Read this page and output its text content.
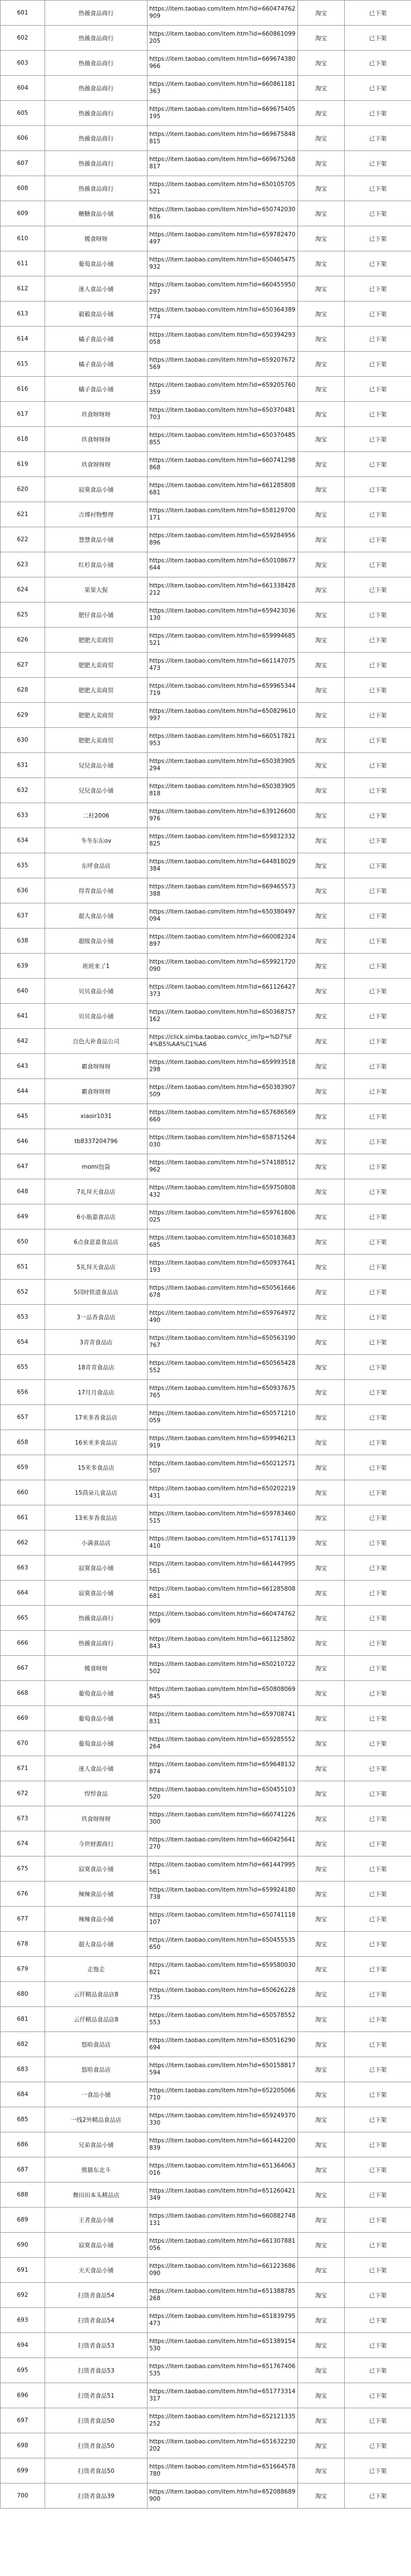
601	热薇食品商行	https://item.taobao.com/item.htm?id=660474762909	淘宝	已下架
602	热薇食品商行	https://item.taobao.com/item.htm?id=660861099205	淘宝	已下架
603	热薇食品商行	https://item.taobao.com/item.htm?id=669674380966	淘宝	已下架
604	热薇食品商行	https://item.taobao.com/item.htm?id=660861181363	淘宝	已下架
605	热薇食品商行	https://item.taobao.com/item.htm?id=669675405195	淘宝	已下架
606	热薇食品商行	https://item.taobao.com/item.htm?id=669675848815	淘宝	已下架
607	热薇食品商行	https://item.taobao.com/item.htm?id=669675268817	淘宝	已下架
608	热薇食品商行	https://item.taobao.com/item.htm?id=650105705521	淘宝	已下架
609	糖糖食品小铺	https://item.taobao.com/item.htm?id=650742030816	淘宝	已下架
610	媛食呀呀	https://item.taobao.com/item.htm?id=659782470497	淘宝	已下架
611	葡萄食品小铺	https://item.taobao.com/item.htm?id=650465475932	淘宝	已下架
612	迷人食品小铺	https://item.taobao.com/item.htm?id=660455950297	淘宝	已下架
613	毅毅食品小铺	https://item.taobao.com/item.htm?id=650364389774	淘宝	已下架
614	橘子食品小铺	https://item.taobao.com/item.htm?id=650394293058	淘宝	已下架
615	橘子食品小铺	https://item.taobao.com/item.htm?id=659207672569	淘宝	已下架
616	橘子食品小铺	https://item.taobao.com/item.htm?id=659205760359	淘宝	已下架
617	玖食呀呀呀	https://item.taobao.com/item.htm?id=650370481703	淘宝	已下架
618	玖食呀呀呀	https://item.taobao.com/item.htm?id=650370485855	淘宝	已下架
619	玖食呀呀呀	https://item.taobao.com/item.htm?id=660741298868	淘宝	已下架
620	寂寞食品小铺	https://item.taobao.com/item.htm?id=661285808681	淘宝	已下架
621	吉博衬物整理	https://item.taobao.com/item.htm?id=658129700171	淘宝	已下架
622	慧慧食品小铺	https://item.taobao.com/item.htm?id=659284956896	淘宝	已下架
623	红杉食品小铺	https://item.taobao.com/item.htm?id=650108677644	淘宝	已下架
624	果果大猩	https://item.taobao.com/item.htm?id=661338428212	淘宝	已下架
625	肥仔食品小铺	https://item.taobao.com/item.htm?id=659423036130	淘宝	已下架
626	肥肥大卖商贸	https://item.taobao.com/item.htm?id=659994685521	淘宝	已下架
627	肥肥大卖商贸	https://item.taobao.com/item.htm?id=661147075473	淘宝	已下架
628	肥肥大卖商贸	https://item.taobao.com/item.htm?id=659965344719	淘宝	已下架
629	肥肥大卖商贸	https://item.taobao.com/item.htm?id=650829610997	淘宝	已下架
630	肥肥大卖商贸	https://item.taobao.com/item.htm?id=660517821953	淘宝	已下架
631	兒兒食品小铺	https://item.taobao.com/item.htm?id=650383905294	淘宝	已下架
632	兒兒食品小铺	https://item.taobao.com/item.htm?id=650383905818	淘宝	已下架
633	二柱2006	https://item.taobao.com/item.htm?id=639126600976	淘宝	已下架
634	冬冬东东ov	https://item.taobao.com/item.htm?id=659832332825	淘宝	已下架
635	东呼食品店	https://item.taobao.com/item.htm?id=644818029384	淘宝	已下架
636	得青食品小铺	https://item.taobao.com/item.htm?id=669465573388	淘宝	已下架
637	超大食品小铺	https://item.taobao.com/item.htm?id=650380497094	淘宝	已下架
638	超级食品小铺	https://item.taobao.com/item.htm?id=660082324897	淘宝	已下架
639	班班来了1	https://item.taobao.com/item.htm?id=659921720090	淘宝	已下架
640	贝贝食品小铺	https://item.taobao.com/item.htm?id=661126427373	淘宝	已下架
641	贝贝食品小铺	https://item.taobao.com/item.htm?id=650368757162	淘宝	已下架
642	百色大补食品公司	https://click.simba.taobao.com/cc_im?p=%D7%F4%B5%AA%C1%A6	淘宝	已下架
643	霸食呀呀呀	https://item.taobao.com/item.htm?id=659993518298	淘宝	已下架
644	霸食呀呀呀	https://item.taobao.com/item.htm?id=650383907509	淘宝	已下架
645	xiaoir1031	https://item.taobao.com/item.htm?id=657686569660	淘宝	已下架
646	tb8337204796	https://item.taobao.com/item.htm?id=658715264030	淘宝	已下架
647	momi包袋	https://item.taobao.com/item.htm?id=574188512962	淘宝	已下架
648	7礼拜天食品店	https://item.taobao.com/item.htm?id=659750808432	淘宝	已下架
649	6小瓶嘉食品店	https://item.taobao.com/item.htm?id=659761806025	淘宝	已下架
650	6点食意嘉食品店	https://item.taobao.com/item.htm?id=650183683685	淘宝	已下架
651	5礼拜天食品店	https://item.taobao.com/item.htm?id=650937641193	淘宝	已下架
652	5同时铁道食品店	https://item.taobao.com/item.htm?id=650561666678	淘宝	已下架
653	3一品香食品店	https://item.taobao.com/item.htm?id=659764972490	淘宝	已下架
654	3青青食品店	https://item.taobao.com/item.htm?id=650563190767	淘宝	已下架
655	18青青食品店	https://item.taobao.com/item.htm?id=650565428552	淘宝	已下架
656	17月月食品店	https://item.taobao.com/item.htm?id=650937675765	淘宝	已下架
657	17米多香食品店	https://item.taobao.com/item.htm?id=650571210059	淘宝	已下架
658	16米米多食品店	https://item.taobao.com/item.htm?id=659946213919	淘宝	已下架
659	15米多食品店	https://item.taobao.com/item.htm?id=650212571507	淘宝	已下架
660	15茴朵儿食品店	https://item.taobao.com/item.htm?id=650202219431	淘宝	已下架
661	13米多香食品店	https://item.taobao.com/item.htm?id=659783460515	淘宝	已下架
662	小满食品店	https://item.taobao.com/item.htm?id=651741139410	淘宝	已下架
663	寂寞食品小铺	https://item.taobao.com/item.htm?id=661447995561	淘宝	已下架
664	寂寞食品小铺	https://item.taobao.com/item.htm?id=661285808681	淘宝	已下架
665	热薇食品商行	https://item.taobao.com/item.htm?id=660474762909	淘宝	已下架
666	热薇食品商行	https://item.taobao.com/item.htm?id=661125802843	淘宝	已下架
667	媛食呀呀	https://item.taobao.com/item.htm?id=650210722502	淘宝	已下架
668	葡萄食品小铺	https://item.taobao.com/item.htm?id=650808069845	淘宝	已下架
669	葡萄食品小铺	https://item.taobao.com/item.htm?id=659708741831	淘宝	已下架
670	葡萄食品小铺	https://item.taobao.com/item.htm?id=659285552264	淘宝	已下架
671	迷人食品小铺	https://item.taobao.com/item.htm?id=659648132874	淘宝	已下架
672	悍悍食品	https://item.taobao.com/item.htm?id=650455103520	淘宝	已下架
673	玖食呀呀呀	https://item.taobao.com/item.htm?id=660741226300	淘宝	已下架
674	今世财源商行	https://item.taobao.com/item.htm?id=660425641270	淘宝	已下架
675	寂寞食品小铺	https://item.taobao.com/item.htm?id=661447995561	淘宝	已下架
676	辣辣食品小铺	https://item.taobao.com/item.htm?id=659924180738	淘宝	已下架
677	辣辣食品小铺	https://item.taobao.com/item.htm?id=650741118107	淘宝	已下架
678	超大食品小铺	https://item.taobao.com/item.htm?id=650455535650	淘宝	已下架
679	走饱走	https://item.taobao.com/item.htm?id=659580030821	淘宝	已下架
680	云仟精品食品店8	https://item.taobao.com/item.htm?id=650626228735	淘宝	已下架
681	云仟精品食品店8	https://item.taobao.com/item.htm?id=650578552553	淘宝	已下架
682	悠哈食品店	https://item.taobao.com/item.htm?id=650516290694	淘宝	已下架
683	悠哈食品店	https://item.taobao.com/item.htm?id=650158817594	淘宝	已下架
684	一食品小铺	https://item.taobao.com/item.htm?id=652205066710	淘宝	已下架
685	一线2外精品食品店	https://item.taobao.com/item.htm?id=659249370330	淘宝	已下架
686	兄弟食品小铺	https://item.taobao.com/item.htm?id=661442200839	淘宝	已下架
687	熊猫东北斗	https://item.taobao.com/item.htm?id=651364063016	淘宝	已下架
688	舞田田本头精品店	https://item.taobao.com/item.htm?id=651260421349	淘宝	已下架
689	王者食品小铺	https://item.taobao.com/item.htm?id=660882748131	淘宝	已下架
690	寂寞食品小铺	https://item.taobao.com/item.htm?id=661307881056	淘宝	已下架
691	天天食品小铺	https://item.taobao.com/item.htm?id=661223686090	淘宝	已下架
692	扫货者食品54	https://item.taobao.com/item.htm?id=651388785268	淘宝	已下架
693	扫货者食品54	https://item.taobao.com/item.htm?id=651839795473	淘宝	已下架
694	扫货者食品53	https://item.taobao.com/item.htm?id=651389154530	淘宝	已下架
695	扫货者食品53	https://item.taobao.com/item.htm?id=651767406535	淘宝	已下架
696	扫货者食品51	https://item.taobao.com/item.htm?id=651773314317	淘宝	已下架
697	扫货者食品50	https://item.taobao.com/item.htm?id=652121335252	淘宝	已下架
698	扫货者食品50	https://item.taobao.com/item.htm?id=651632230202	淘宝	已下架
699	扫货者食品50	https://item.taobao.com/item.htm?id=651664578780	淘宝	已下架
700	扫货者食品39	https://item.taobao.com/item.htm?id=652088689900	淘宝	已下架
